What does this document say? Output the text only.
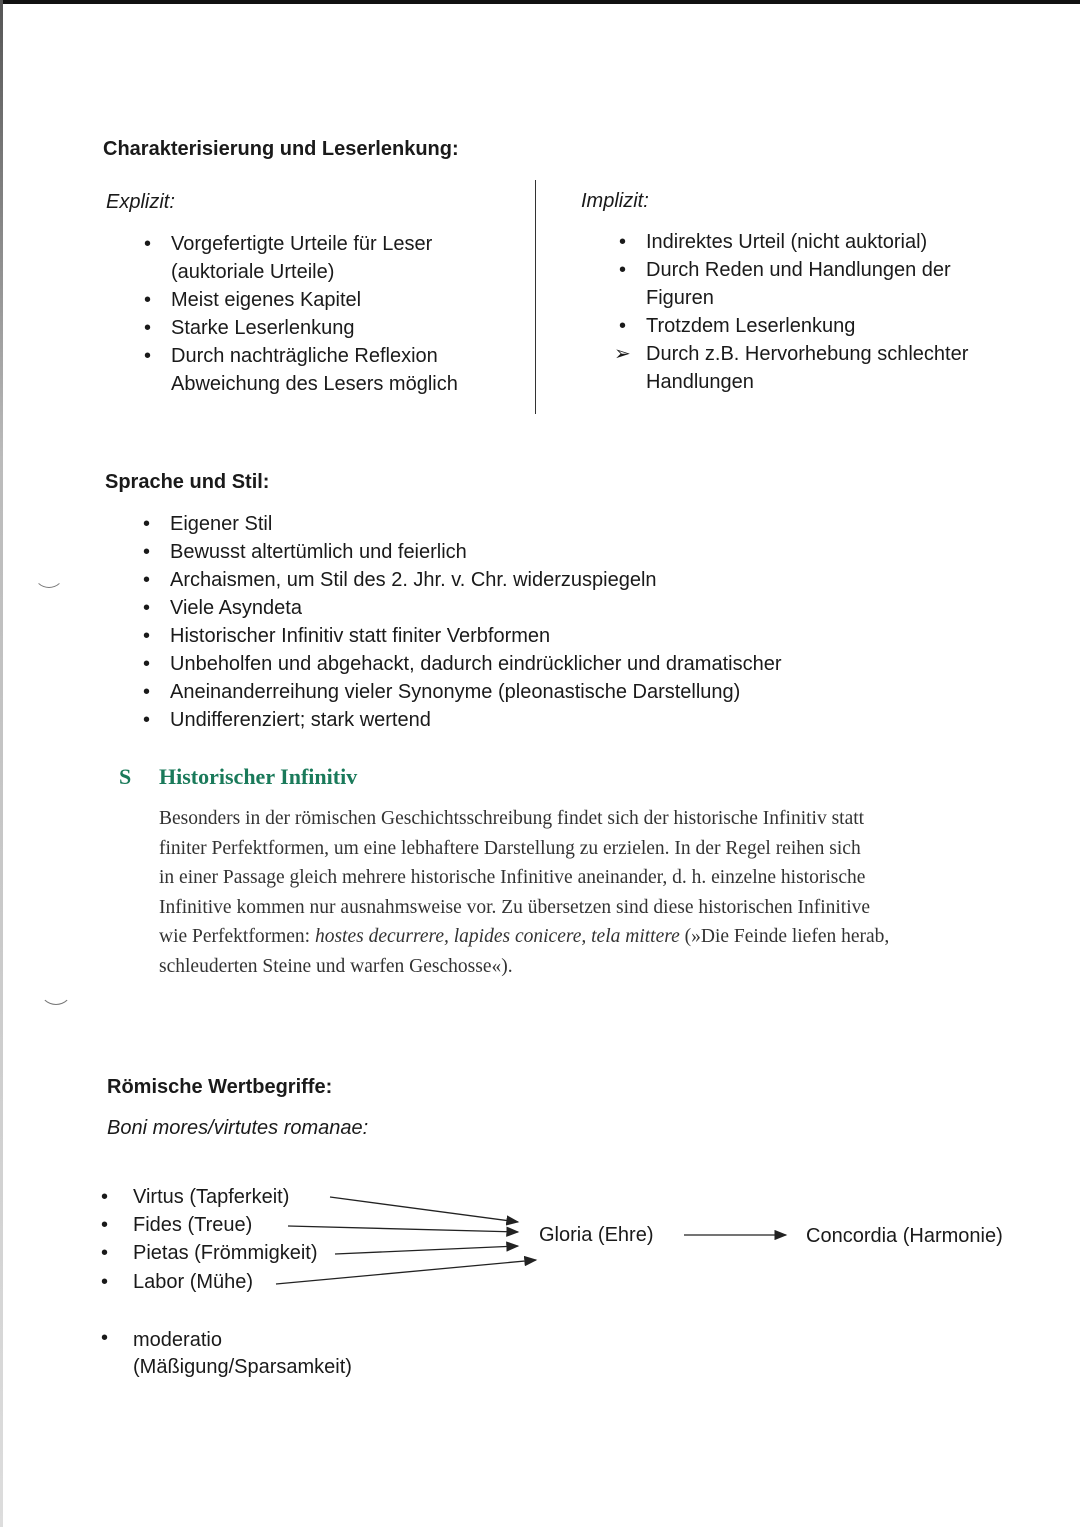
Charakterisierung und Leserlenkung:
Explizit:
• Vorgefertigte Urteile für Leser
(auktoriale Urteile)
• Meist eigenes Kapitel
• Starke Leserlenkung
• Durch nachträgliche Reflexion
Abweichung des Lesers möglich
Implizit:
• Indirektes Urteil (nicht auktorial)
• Durch Reden und Handlungen der
Figuren
• Trotzdem Leserlenkung
➢ Durch z.B. Hervorhebung schlechter
Handlungen
Sprache und Stil:
• Eigener Stil
• Bewusst altertümlich und feierlich
• Archaismen, um Stil des 2. Jhr. v. Chr. widerzuspiegeln
• Viele Asyndeta
• Historischer Infinitiv statt finiter Verbformen
• Unbeholfen und abgehackt, dadurch eindrücklicher und dramatischer
• Aneinanderreihung vieler Synonyme (pleonastische Darstellung)
• Undifferenziert; stark wertend
S Historischer Infinitiv
Besonders in der römischen Geschichtsschreibung findet sich der historische Infinitiv statt
finiter Perfektformen, um eine lebhaftere Darstellung zu erzielen. In der Regel reihen sich
in einer Passage gleich mehrere historische Infinitive aneinander, d. h. einzelne historische
Infinitive kommen nur ausnahmsweise vor. Zu übersetzen sind diese historischen Infinitive
wie Perfektformen: hostes decurrere, lapides conicere, tela mittere (»Die Feinde liefen herab,
schleuderten Steine und warfen Geschosse«).
Römische Wertbegriffe:
Boni mores/virtutes romanae:
• Virtus (Tapferkeit)
• Fides (Treue)
• Pietas (Frömmigkeit)
• Labor (Mühe)
Gloria (Ehre)	Concordia (Harmonie)
• moderatio
(Mäßigung/Sparsamkeit)
